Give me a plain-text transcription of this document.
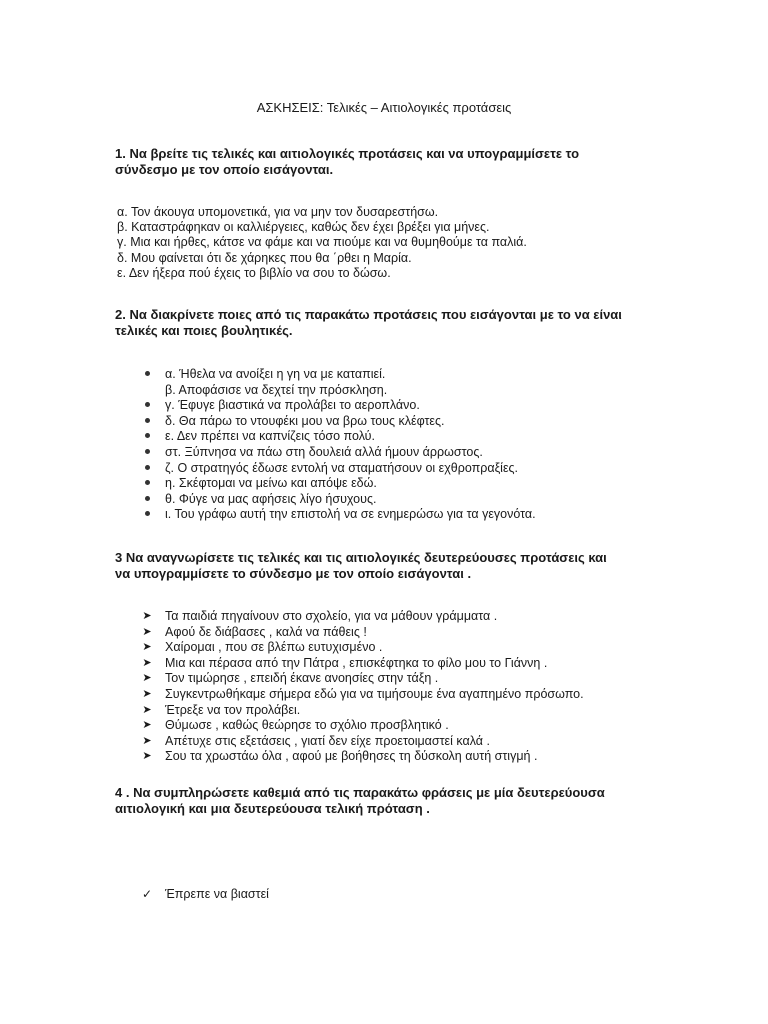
ΑΣΚΗΣΕΙΣ: Τελικές – Αιτιολογικές προτάσεις
1. Να βρείτε τις τελικές και αιτιολογικές προτάσεις και να υπογραμμίσετε το
σύνδεσμο με τον οποίο εισάγονται.
α. Τον άκουγα υπομονετικά, για να μην τον δυσαρεστήσω.
β. Καταστράφηκαν οι καλλιέργειες, καθώς δεν έχει βρέξει για μήνες.
γ. Μια και ήρθες, κάτσε να φάμε και να πιούμε και να θυμηθούμε τα παλιά.
δ. Μου φαίνεται ότι δε χάρηκες που θα ΄ρθει η Μαρία.
ε. Δεν ήξερα πού έχεις το βιβλίο να σου το δώσω.
2. Να διακρίνετε ποιες από τις παρακάτω προτάσεις που εισάγονται με το να είναι
τελικές και ποιες βουλητικές.
α. Ήθελα να ανοίξει η γη να με καταπιεί.
β. Αποφάσισε να δεχτεί την πρόσκληση.
γ. Έφυγε βιαστικά να προλάβει το αεροπλάνο.
δ. Θα πάρω το ντουφέκι μου να βρω τους κλέφτες.
ε. Δεν πρέπει να καπνίζεις τόσο πολύ.
στ. Ξύπνησα να πάω στη δουλειά αλλά ήμουν άρρωστος.
ζ. Ο στρατηγός έδωσε εντολή να σταματήσουν οι εχθροπραξίες.
η. Σκέφτομαι να μείνω και απόψε εδώ.
θ. Φύγε να μας αφήσεις λίγο ήσυχους.
ι. Του γράφω αυτή την επιστολή να σε ενημερώσω για τα γεγονότα.
3 Να αναγνωρίσετε τις τελικές και τις αιτιολογικές δευτερεύουσες προτάσεις και
να υπογραμμίσετε το σύνδεσμο με τον οποίο εισάγονται .
➤ Τα παιδιά πηγαίνουν στο σχολείο, για να μάθουν γράμματα .
➤ Αφού δε διάβασες , καλά να πάθεις !
➤ Χαίρομαι , που σε βλέπω ευτυχισμένο .
➤ Μια και πέρασα από την Πάτρα , επισκέφτηκα το φίλο μου το Γιάννη .
➤ Τον τιμώρησε , επειδή έκανε ανοησίες στην τάξη .
➤ Συγκεντρωθήκαμε σήμερα εδώ για να τιμήσουμε ένα αγαπημένο πρόσωπο.
➤ Έτρεξε να τον προλάβει.
➤ Θύμωσε , καθώς θεώρησε το σχόλιο προσβλητικό .
➤ Απέτυχε στις εξετάσεις , γιατί δεν είχε προετοιμαστεί καλά .
➤ Σου τα χρωστάω όλα , αφού με βοήθησες τη δύσκολη αυτή στιγμή .
4 . Να συμπληρώσετε καθεμιά από τις παρακάτω φράσεις με μία δευτερεύουσα
αιτιολογική και μια δευτερεύουσα τελική πρόταση .
✓ Έπρεπε να βιαστεί
